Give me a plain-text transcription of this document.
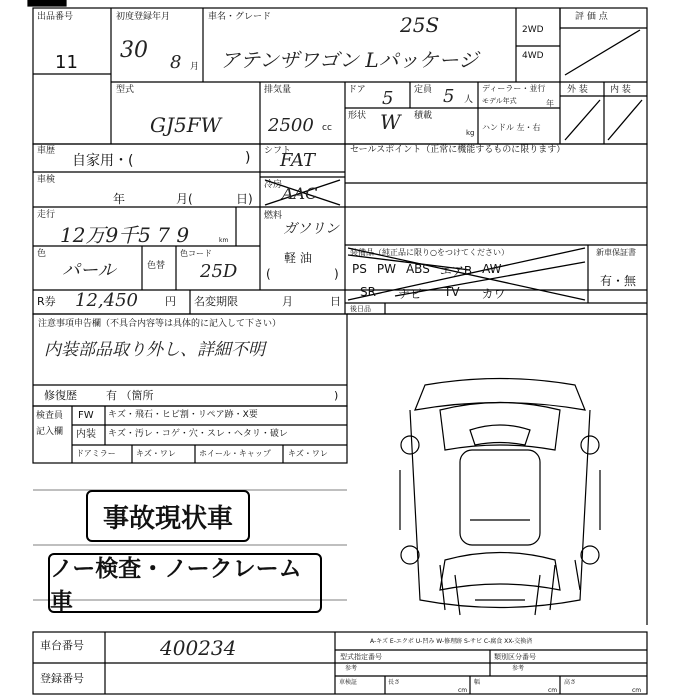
出品番号
11
初度登録年月
30 8 月
車名・グレード	25S
アテンザワゴン Lパッケージ
2WD
4WD
評 価 点
型式
GJ5FW
排気量
2500 cc
ドア 5 定員 5 人
形状 W 積載
kg
ディーラー・並行
モデル年式	年
ハンドル 左・右
外 装 内 装
車歴
自家用・(	) シフト
FAT
冷房 AAC
車検
年	月(	日)
燃料
ガソリン
軽 油
(	)
走行
12万9千5 7 9	km
色
パール	色替
色コード
25D
R券 12,450 円 名変期限	月	日
セールスポイント（正常に機能するものに限ります）
装備品（純正品に限り○をつけてください）
PS PW ABS エアB AW
SR ナビ TV カワ
新車保証書
有・無
後日品
注意事項申告欄（不具合内容等は具体的に記入して下さい）
内装部品取り外し、詳細不明
修復歴	有 （箇所	)
検査員
記入欄
FW キズ・飛石・ヒビ割・リペア跡・X要
内装 キズ・汚レ・コゲ・穴・スレ・ヘタリ・破レ
ドアミラー	キズ・ワレ	ホイール・キャップ キズ・ワレ
事故現状車
ノー検査・ノークレーム車
車台番号	400234
登録番号
A-キズ E-エクボ U-凹み W-修理跡 S-サビ C-腐食 XX-交換済
型式指定番号
参考
類別区分番号
参考
車検証	長さ
cm
幅
cm
高さ
cm
